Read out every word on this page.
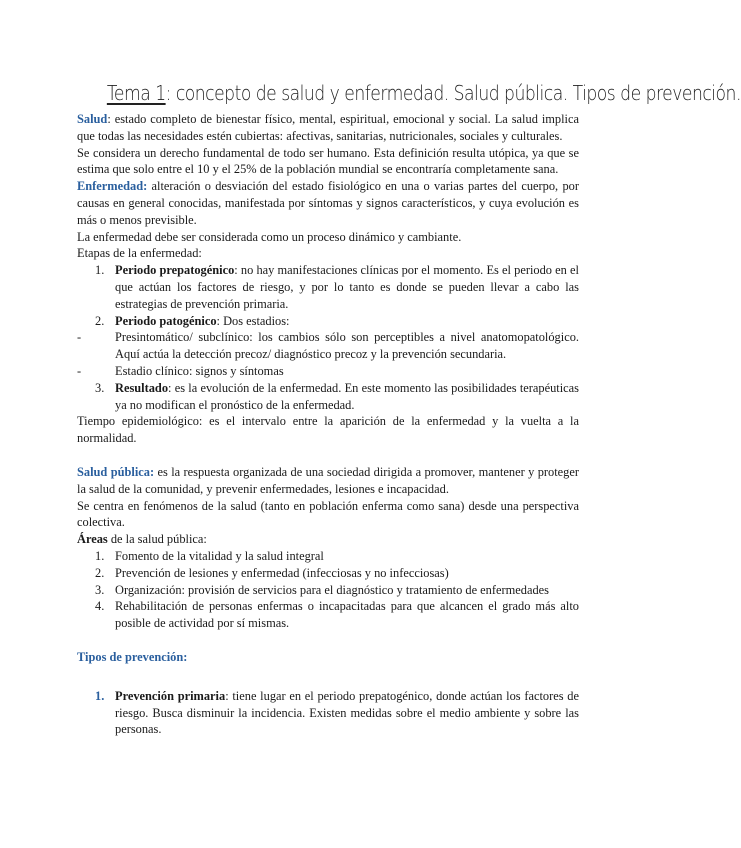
Tema 1: concepto de salud y enfermedad. Salud pública. Tipos de prevención.

Salud: estado completo de bienestar físico, mental, espiritual, emocional y social. La salud implica que todas las necesidades estén cubiertas: afectivas, sanitarias, nutricionales, sociales y culturales.

Se considera un derecho fundamental de todo ser humano. Esta definición resulta utópica, ya que se estima que solo entre el 10 y el 25% de la población mundial se encontraría completamente sana.

Enfermedad: alteración o desviación del estado fisiológico en una o varias partes del cuerpo, por causas en general conocidas, manifestada por síntomas y signos característicos, y cuya evolución es más o menos previsible.

La enfermedad debe ser considerada como un proceso dinámico y cambiante.

Etapas de la enfermedad:

1. Periodo prepatogénico: no hay manifestaciones clínicas por el momento. Es el periodo en el que actúan los factores de riesgo, y por lo tanto es donde se pueden llevar a cabo las estrategias de prevención primaria.
2. Periodo patogénico: Dos estadios:
-	Presintomático/ subclínico: los cambios sólo son perceptibles a nivel anatomopatológico. Aquí actúa la detección precoz/ diagnóstico precoz y la prevención secundaria.
-	Estadio clínico: signos y síntomas
3. Resultado: es la evolución de la enfermedad. En este momento las posibilidades terapéuticas ya no modifican el pronóstico de la enfermedad.

Tiempo epidemiológico: es el intervalo entre la aparición de la enfermedad y la vuelta a la normalidad.

Salud pública: es la respuesta organizada de una sociedad dirigida a promover, mantener y proteger la salud de la comunidad, y prevenir enfermedades, lesiones e incapacidad.

Se centra en fenómenos de la salud (tanto en población enferma como sana) desde una perspectiva colectiva.

Áreas de la salud pública:

1. Fomento de la vitalidad y la salud integral
2. Prevención de lesiones y enfermedad (infecciosas y no infecciosas)
3. Organización: provisión de servicios para el diagnóstico y tratamiento de enfermedades
4. Rehabilitación de personas enfermas o incapacitadas para que alcancen el grado más alto posible de actividad por sí mismas.

Tipos de prevención:

1. Prevención primaria: tiene lugar en el periodo prepatogénico, donde actúan los factores de riesgo. Busca disminuir la incidencia. Existen medidas sobre el medio ambiente y sobre las personas.
